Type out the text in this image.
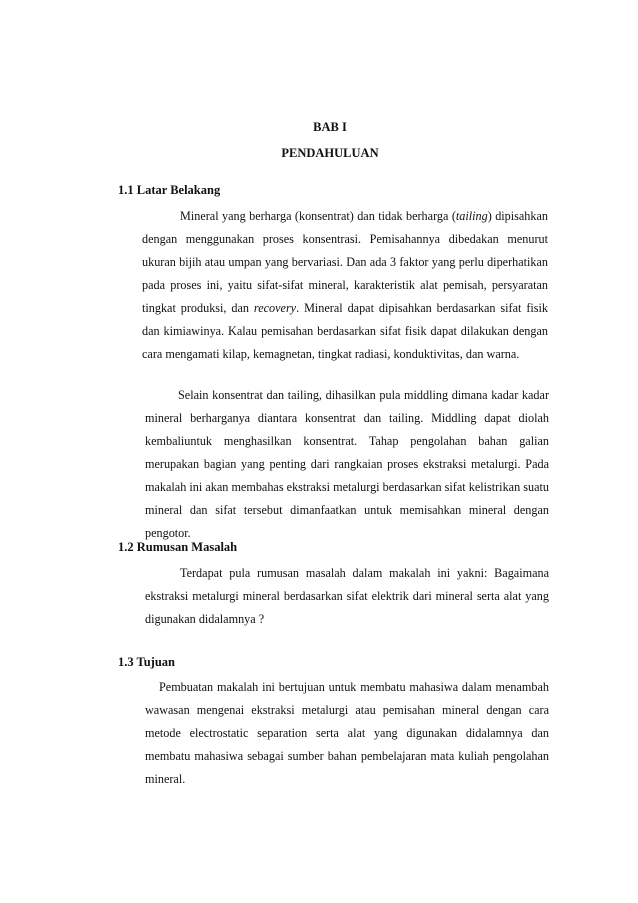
BAB I
PENDAHULUAN
1.1 Latar Belakang

Mineral yang berharga (konsentrat) dan tidak berharga (tailing) dipisahkan dengan menggunakan proses konsentrasi. Pemisahannya dibedakan menurut ukuran bijih atau umpan yang bervariasi. Dan ada 3 faktor yang perlu diperhatikan pada proses ini, yaitu sifat-sifat mineral, karakteristik alat pemisah, persyaratan tingkat produksi, dan recovery. Mineral dapat dipisahkan berdasarkan sifat fisik dan kimiawinya. Kalau pemisahan berdasarkan sifat fisik dapat dilakukan dengan cara mengamati kilap, kemagnetan, tingkat radiasi, konduktivitas, dan warna.

Selain konsentrat dan tailing, dihasilkan pula middling dimana kadar kadar mineral berharganya diantara konsentrat dan tailing. Middling dapat diolah kembaliuntuk menghasilkan konsentrat. Tahap pengolahan bahan galian merupakan bagian yang penting dari rangkaian proses ekstraksi metalurgi. Pada makalah ini akan membahas ekstraksi metalurgi berdasarkan sifat kelistrikan suatu mineral dan sifat tersebut dimanfaatkan untuk memisahkan mineral dengan pengotor.

1.2 Rumusan Masalah

Terdapat pula rumusan masalah dalam makalah ini yakni: Bagaimana ekstraksi metalurgi mineral berdasarkan sifat elektrik dari mineral serta alat yang digunakan didalamnya ?

1.3 Tujuan

Pembuatan makalah ini bertujuan untuk membatu mahasiwa dalam menambah wawasan mengenai ekstraksi metalurgi atau pemisahan mineral dengan cara metode electrostatic separation serta alat yang digunakan didalamnya dan membatu mahasiwa sebagai sumber bahan pembelajaran mata kuliah pengolahan mineral.
